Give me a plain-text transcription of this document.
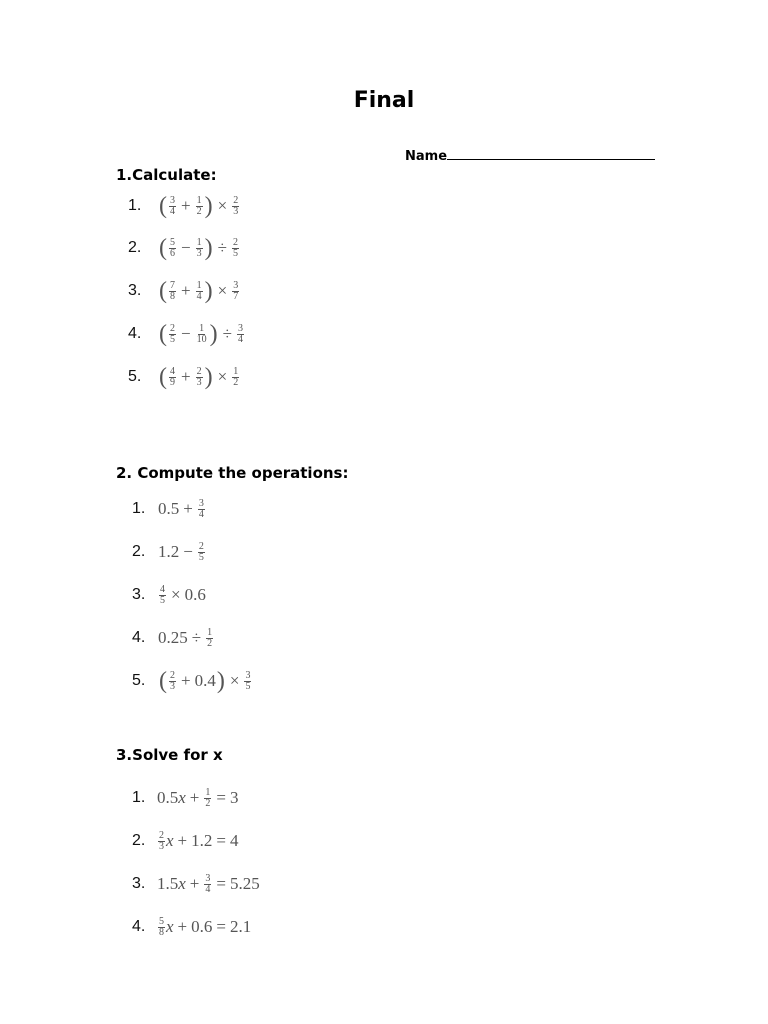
Final
Name
1.Calculate:
1. ( $\frac{3}{4} + \frac{1}{2}$ ) × $\frac{2}{3}$
2. ( $\frac{5}{6} - \frac{1}{3}$ ) ÷ $\frac{2}{5}$
3. ( $\frac{7}{8} + \frac{1}{4}$ ) × $\frac{3}{7}$
4. ( $\frac{2}{5} - \frac{1}{10}$ ) ÷ $\frac{3}{4}$
5. ( $\frac{4}{9} + \frac{2}{3}$ ) × $\frac{1}{2}$
2. Compute the operations:
1. $0.5 + \frac{3}{4}$
2. $1.2 - \frac{2}{5}$
3.	$\frac{4}{5} \times 0.6$
4. $0.25 \div \frac{1}{2}$
5. ( $\frac{2}{3} + 0.4$ ) × $\frac{3}{5}$
3.Solve for x
1. 0.5 $x + \frac{1}{2} = 3$
2.	$\frac{2}{3}$ x + 1.2 = 4
3. 1.5 $x + \frac{3}{4} = 5.25$
4.	$\frac{5}{8}$ x + 0.6 = 2.1
